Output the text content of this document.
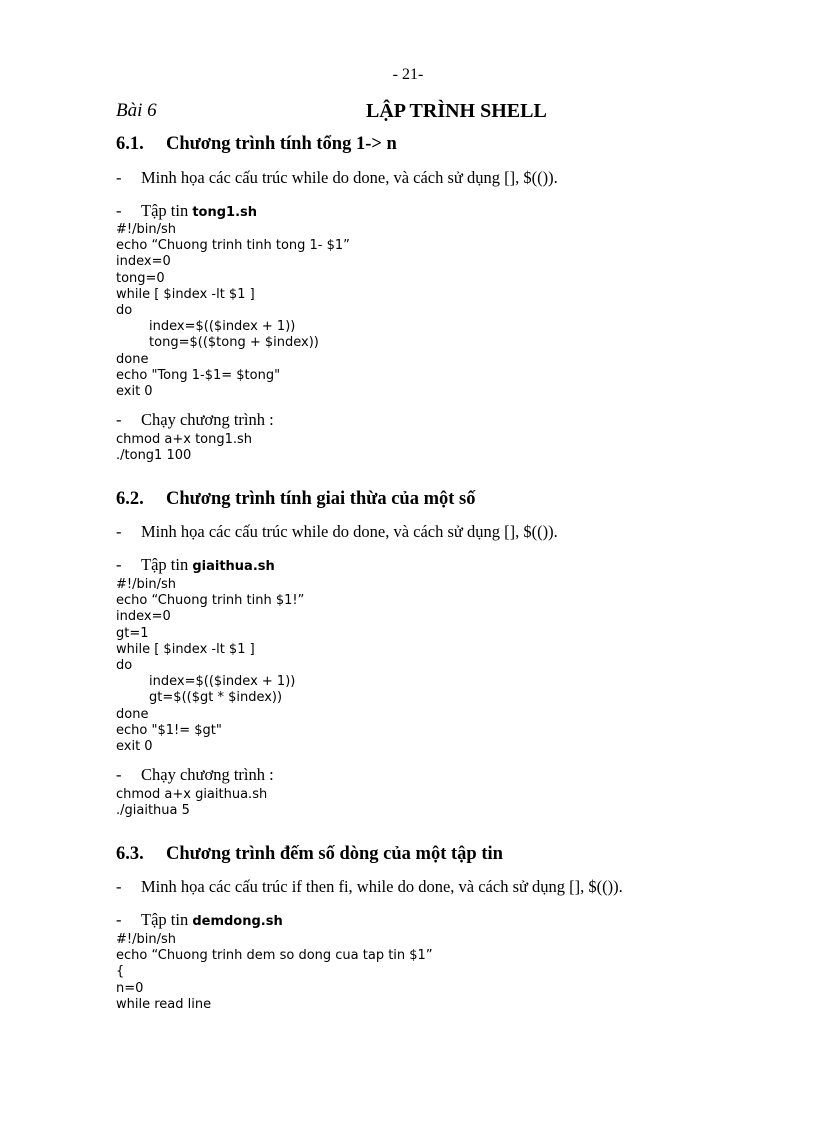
- 21-
Bài 6	LẬP TRÌNH SHELL
6.1. Chương trình tính tổng 1-> n
- Minh họa các cấu trúc while do done, và cách sử dụng [], $(()).
- Tập tin tong1.sh
#!/bin/sh
echo “Chuong trinh tinh tong 1- $1”
index=0
tong=0
while [ $index -lt $1 ]
do
index=$(($index + 1))
tong=$(($tong + $index))
done
echo "Tong 1-$1= $tong"
exit 0
- Chạy chương trình :
chmod a+x tong1.sh
./tong1 100
6.2. Chương trình tính giai thừa của một số
- Minh họa các cấu trúc while do done, và cách sử dụng [], $(()).
- Tập tin giaithua.sh
#!/bin/sh
echo “Chuong trinh tinh $1!”
index=0
gt=1
while [ $index -lt $1 ]
do
index=$(($index + 1))
gt=$(($gt * $index))
done
echo "$1!= $gt"
exit 0
- Chạy chương trình :
chmod a+x giaithua.sh
./giaithua 5
6.3. Chương trình đếm số dòng của một tập tin
- Minh họa các cấu trúc if then fi, while do done, và cách sử dụng [], $(()).
- Tập tin demdong.sh
#!/bin/sh
echo “Chuong trinh dem so dong cua tap tin $1”
{
n=0
while read line
